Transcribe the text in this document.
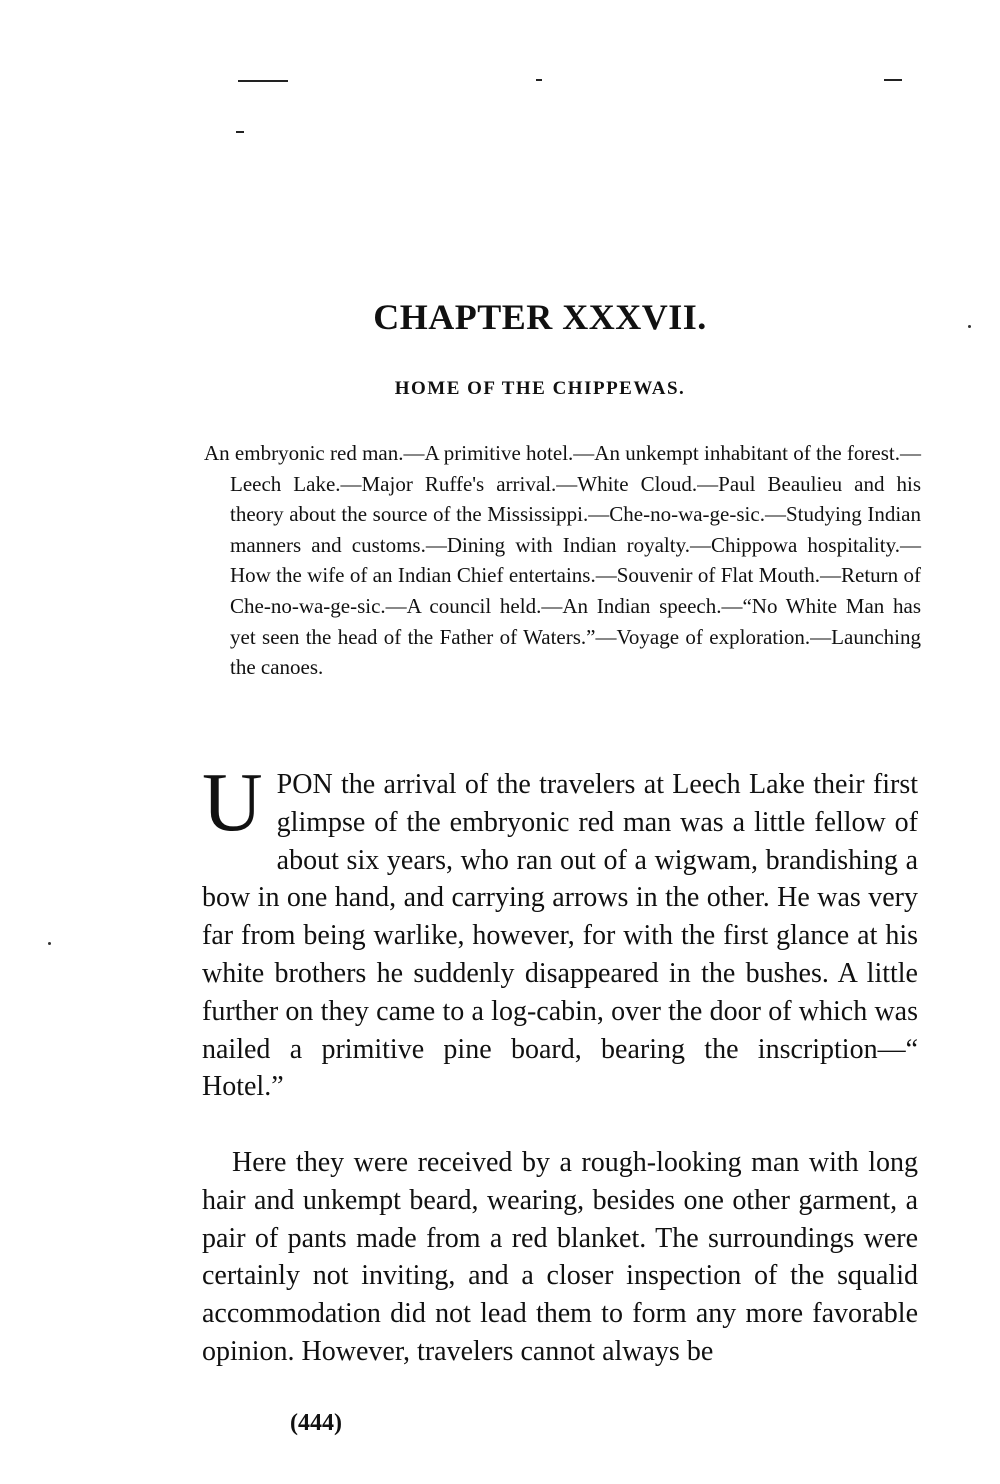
CHAPTER XXXVII.
HOME OF THE CHIPPEWAS.

An embryonic red man.—A primitive hotel.—An unkempt inhabitant of the forest.—Leech Lake.—Major Ruffe's arrival.—White Cloud.—Paul Beaulieu and his theory about the source of the Mississippi.—Che-no-wa-ge-sic.—Studying Indian manners and customs.—Dining with Indian royalty.—Chippowa hospitality.—How the wife of an Indian Chief entertains.—Souvenir of Flat Mouth.—Return of Che-no-wa-ge-sic.—A council held.—An Indian speech.—“No White Man has yet seen the head of the Father of Waters.”—Voyage of exploration.—Launching the canoes.

UPON the arrival of the travelers at Leech Lake their first glimpse of the embryonic red man was a little fellow of about six years, who ran out of a wigwam, brandishing a bow in one hand, and carrying arrows in the other. He was very far from being warlike, however, for with the first glance at his white brothers he suddenly disappeared in the bushes. A little further on they came to a log-cabin, over the door of which was nailed a primitive pine board, bearing the inscription—“ Hotel.”

Here they were received by a rough-looking man with long hair and unkempt beard, wearing, besides one other garment, a pair of pants made from a red blanket. The surroundings were certainly not inviting, and a closer inspection of the squalid accommodation did not lead them to form any more favorable opinion. However, travelers cannot always be

(444)
